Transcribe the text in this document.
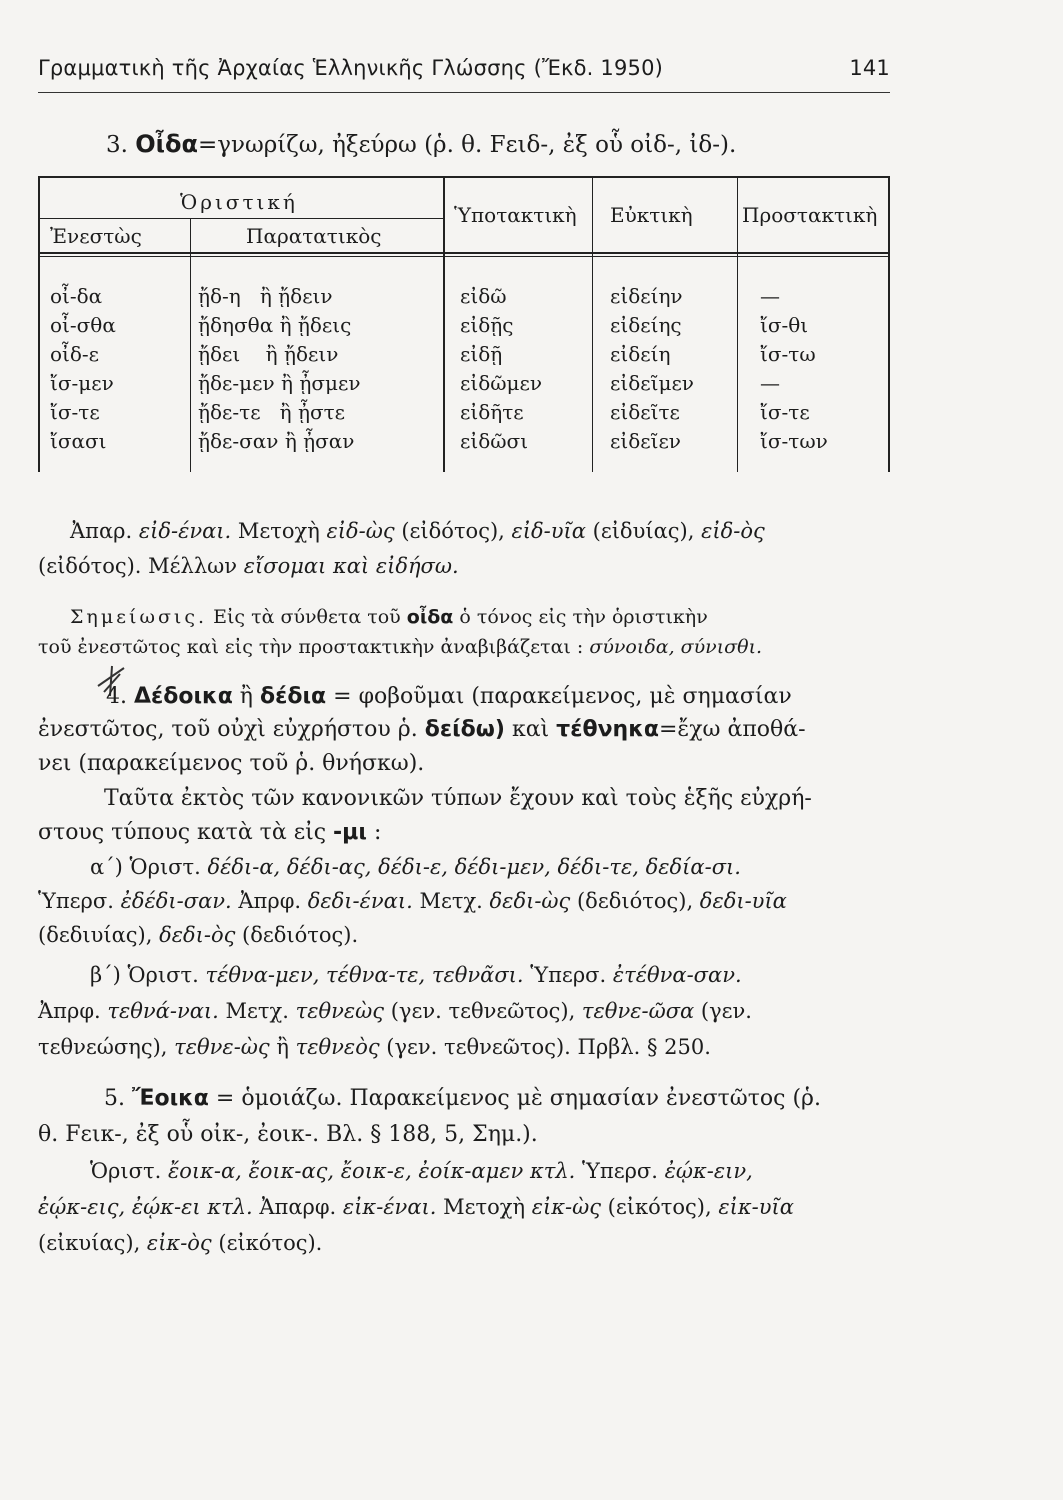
Γραμματικὴ τῆς Ἀρχαίας Ἑλληνικῆς Γλώσσης (Ἔκδ. 1950)	141
3. Οἶδα=γνωρίζω, ἠξεύρω (ῥ. θ. Fειδ-, ἐξ οὗ οἰδ-, ἰδ-).
Ὁριστική
Ἐνεστὼς	Παρατατικὸς
Ὑποτακτικὴ Εὐκτικὴ Προστακτικὴ
οἶ-δα	ᾔδ-η   ἢ ᾔδειν	εἰδῶ	εἰδείην	—
οἶ-σθα	ᾔδησθα ἢ ᾔδεις	εἰδῇς	εἰδείης	ἴσ-θι
οἶδ-ε	ᾔδει    ἢ ᾔδειν	εἰδῇ	εἰδείη	ἴσ-τω
ἴσ-μεν	ᾔδε-μεν ἢ ᾖσμεν	εἰδῶμεν	εἰδεῖμεν	—
ἴσ-τε	ᾔδε-τε   ἢ ᾖστε	εἰδῆτε	εἰδεῖτε	ἴσ-τε
ἴσασι	ᾔδε-σαν ἢ ᾖσαν	εἰδῶσι	εἰδεῖεν	ἴσ-των
Ἀπαρ. εἰδ-έναι. Μετοχὴ εἰδ-ὼς (εἰδότος), εἰδ-υῖα (εἰδυίας), εἰδ-ὸς
(εἰδότος). Μέλλων εἴσομαι καὶ εἰδήσω.
Σημείωσις. Εἰς τὰ σύνθετα τοῦ οἶδα ὁ τόνος εἰς τὴν ὁριστικὴν
τοῦ ἐνεστῶτος καὶ εἰς τὴν προστακτικὴν ἀναβιβάζεται : σύνοιδα, σύνισθι.
4. Δέδοικα ἢ δέδια = φοβοῦμαι (παρακείμενος, μὲ σημασίαν
ἐνεστῶτος, τοῦ οὐχὶ εὐχρήστου ῥ. δείδω) καὶ τέθνηκα=ἔχω ἀποθά-
νει (παρακείμενος τοῦ ῥ. θνήσκω).
Ταῦτα ἐκτὸς τῶν κανονικῶν τύπων ἔχουν καὶ τοὺς ἑξῆς εὐχρή-
στους τύπους κατὰ τὰ εἰς -μι :
α΄) Ὁριστ. δέδι-α, δέδι-ας, δέδι-ε, δέδι-μεν, δέδι-τε, δεδία-σι.
Ὑπερσ. ἐδέδι-σαν. Ἀπρφ. δεδι-έναι. Μετχ. δεδι-ὼς (δεδιότος), δεδι-υῖα
(δεδιυίας), δεδι-ὸς (δεδιότος).
β΄) Ὁριστ. τέθνα-μεν, τέθνα-τε, τεθνᾶσι. Ὑπερσ. ἐτέθνα-σαν.
Ἀπρφ. τεθνά-ναι. Μετχ. τεθνεὼς (γεν. τεθνεῶτος), τεθνε-ῶσα (γεν.
τεθνεώσης), τεθνε-ὼς ἢ τεθνεὸς (γεν. τεθνεῶτος). Πρβλ. § 250.
5. Ἔοικα = ὁμοιάζω. Παρακείμενος μὲ σημασίαν ἐνεστῶτος (ῥ.
θ. Fεικ-, ἐξ οὗ οἰκ-, ἐοικ-. Βλ. § 188, 5, Σημ.).
Ὁριστ. ἔοικ-α, ἔοικ-ας, ἔοικ-ε, ἐοίκ-αμεν κτλ. Ὑπερσ. ἐῴκ-ειν,
ἐῴκ-εις, ἐῴκ-ει κτλ. Ἀπαρφ. εἰκ-έναι. Μετοχὴ εἰκ-ὼς (εἰκότος), εἰκ-υῖα
(εἰκυίας), εἰκ-ὸς (εἰκότος).
